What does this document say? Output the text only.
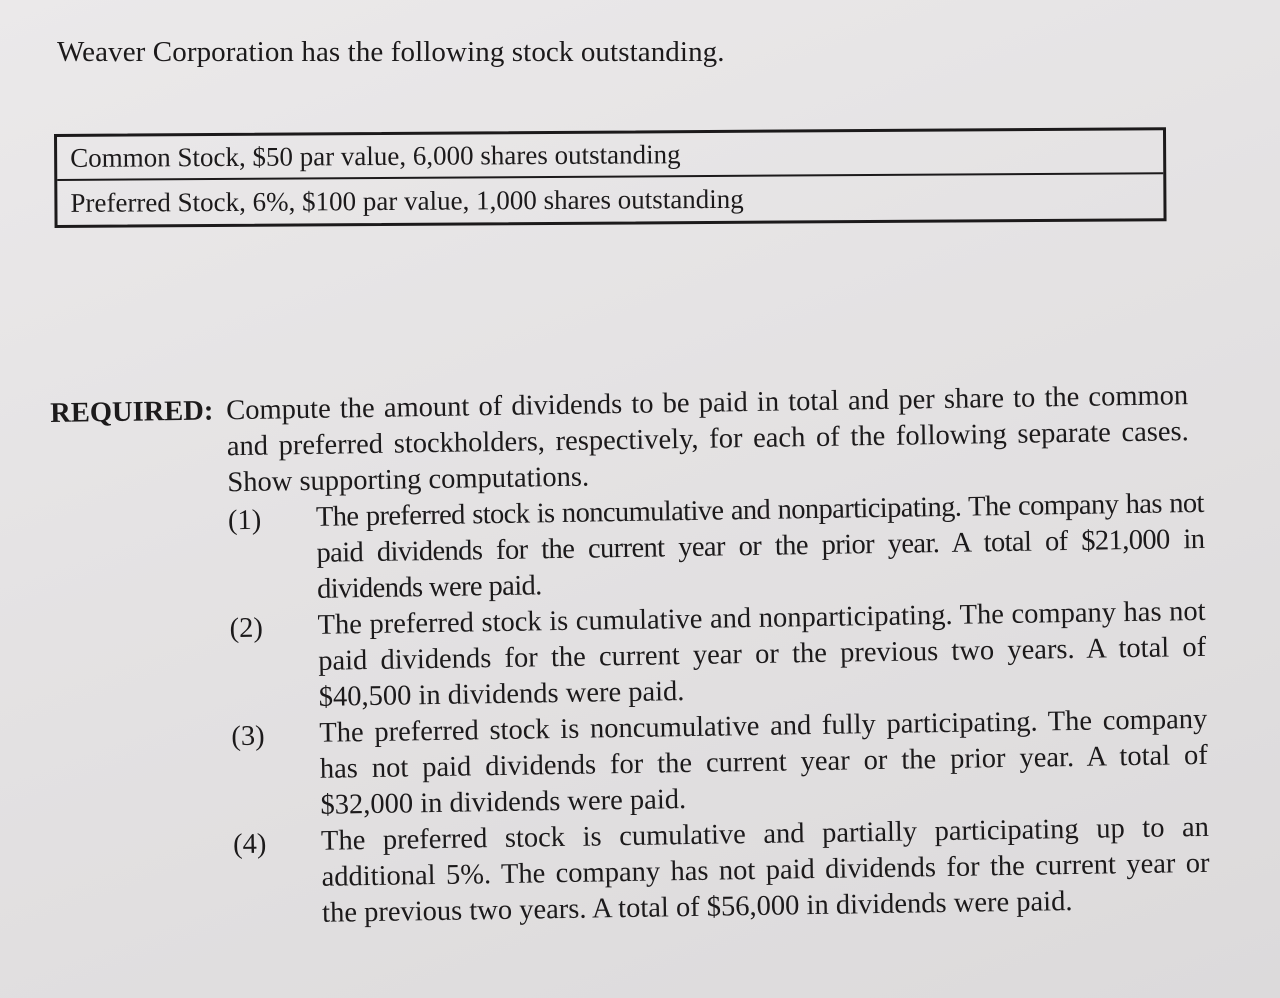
Weaver Corporation has the following stock outstanding.
Common Stock, $50 par value, 6,000 shares outstanding
Preferred Stock, 6%, $100 par value, 1,000 shares outstanding
REQUIRED: Compute the amount of dividends to be paid in total and per share to the common and preferred stockholders, respectively, for each of the following separate cases. Show supporting computations.
(1)	The preferred stock is noncumulative and nonparticipating. The company has not paid dividends for the current year or the prior year. A total of $21,000 in dividends were paid.
(2)	The preferred stock is cumulative and nonparticipating. The company has not paid dividends for the current year or the previous two years. A total of $40,500 in dividends were paid.
(3)	The preferred stock is noncumulative and fully participating. The company has not paid dividends for the current year or the prior year. A total of $32,000 in dividends were paid.
(4)	The preferred stock is cumulative and partially participating up to an additional 5%. The company has not paid dividends for the current year or the previous two years. A total of $56,000 in dividends were paid.
